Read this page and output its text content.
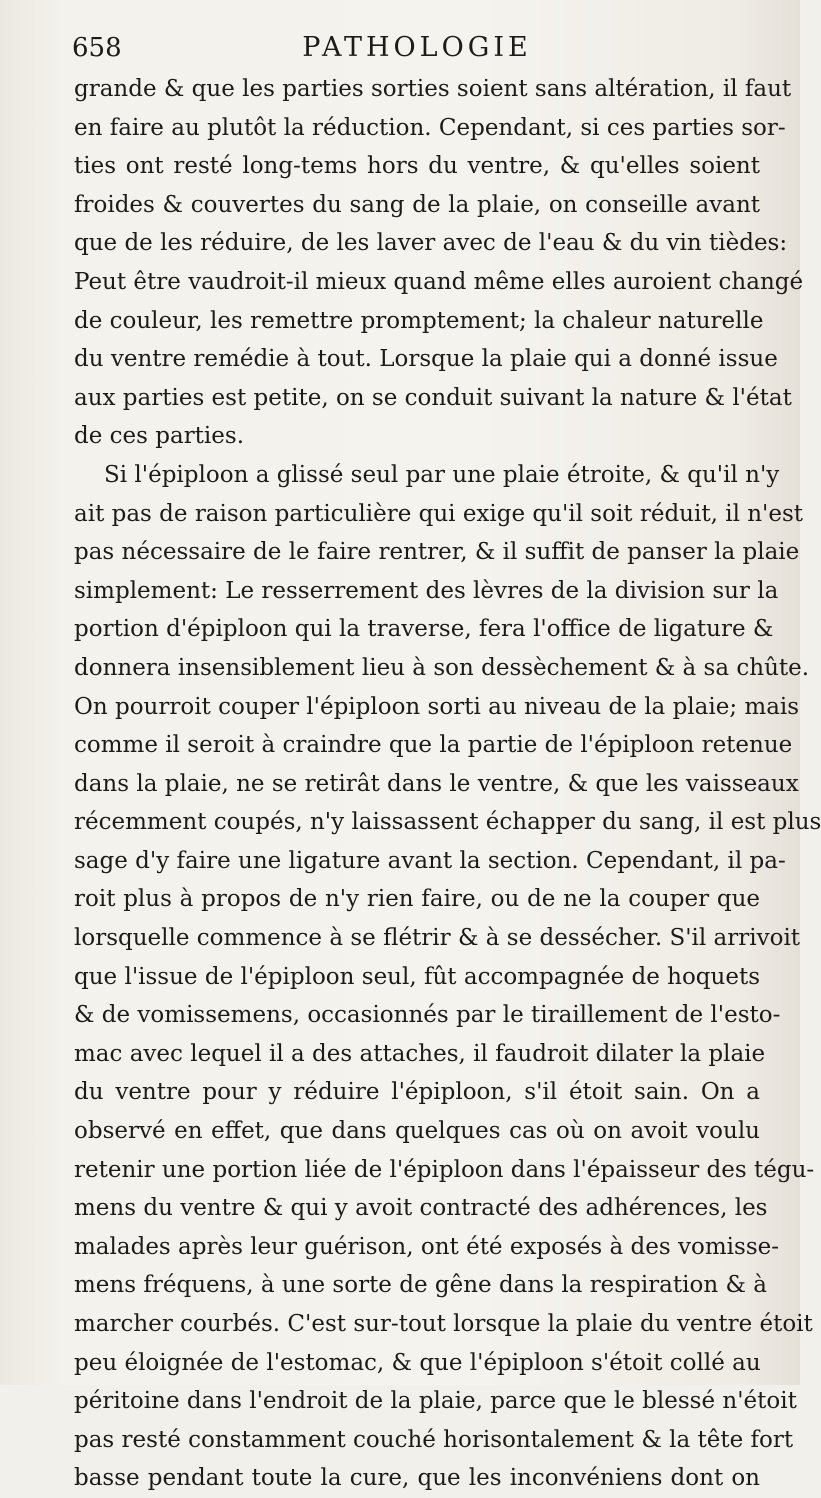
658	PATHOLOGIE
grande & que les parties sorties soient sans altération, il faut
en faire au plutôt la réduction. Cependant, si ces parties sor-
ties ont resté long-tems hors du ventre, & qu'elles soient
froides & couvertes du sang de la plaie, on conseille avant
que de les réduire, de les laver avec de l'eau & du vin tièdes:
Peut être vaudroit-il mieux quand même elles auroient changé
de couleur, les remettre promptement; la chaleur naturelle
du ventre remédie à tout. Lorsque la plaie qui a donné issue
aux parties est petite, on se conduit suivant la nature & l'état
de ces parties.
Si l'épiploon a glissé seul par une plaie étroite, & qu'il n'y
ait pas de raison particulière qui exige qu'il soit réduit, il n'est
pas nécessaire de le faire rentrer, & il suffit de panser la plaie
simplement: Le resserrement des lèvres de la division sur la
portion d'épiploon qui la traverse, fera l'office de ligature &
donnera insensiblement lieu à son dessèchement & à sa chûte.
On pourroit couper l'épiploon sorti au niveau de la plaie; mais
comme il seroit à craindre que la partie de l'épiploon retenue
dans la plaie, ne se retirât dans le ventre, & que les vaisseaux
récemment coupés, n'y laissassent échapper du sang, il est plus
sage d'y faire une ligature avant la section. Cependant, il pa-
roit plus à propos de n'y rien faire, ou de ne la couper que
lorsquelle commence à se flétrir & à se dessécher. S'il arrivoit
que l'issue de l'épiploon seul, fût accompagnée de hoquets
& de vomissemens, occasionnés par le tiraillement de l'esto-
mac avec lequel il a des attaches, il faudroit dilater la plaie
du ventre pour y réduire l'épiploon, s'il étoit sain. On a
observé en effet, que dans quelques cas où on avoit voulu
retenir une portion liée de l'épiploon dans l'épaisseur des tégu-
mens du ventre & qui y avoit contracté des adhérences, les
malades après leur guérison, ont été exposés à des vomisse-
mens fréquens, à une sorte de gêne dans la respiration & à
marcher courbés. C'est sur-tout lorsque la plaie du ventre étoit
peu éloignée de l'estomac, & que l'épiploon s'étoit collé au
péritoine dans l'endroit de la plaie, parce que le blessé n'étoit
pas resté constamment couché horisontalement & la tête fort
basse pendant toute la cure, que les inconvéniens dont on
